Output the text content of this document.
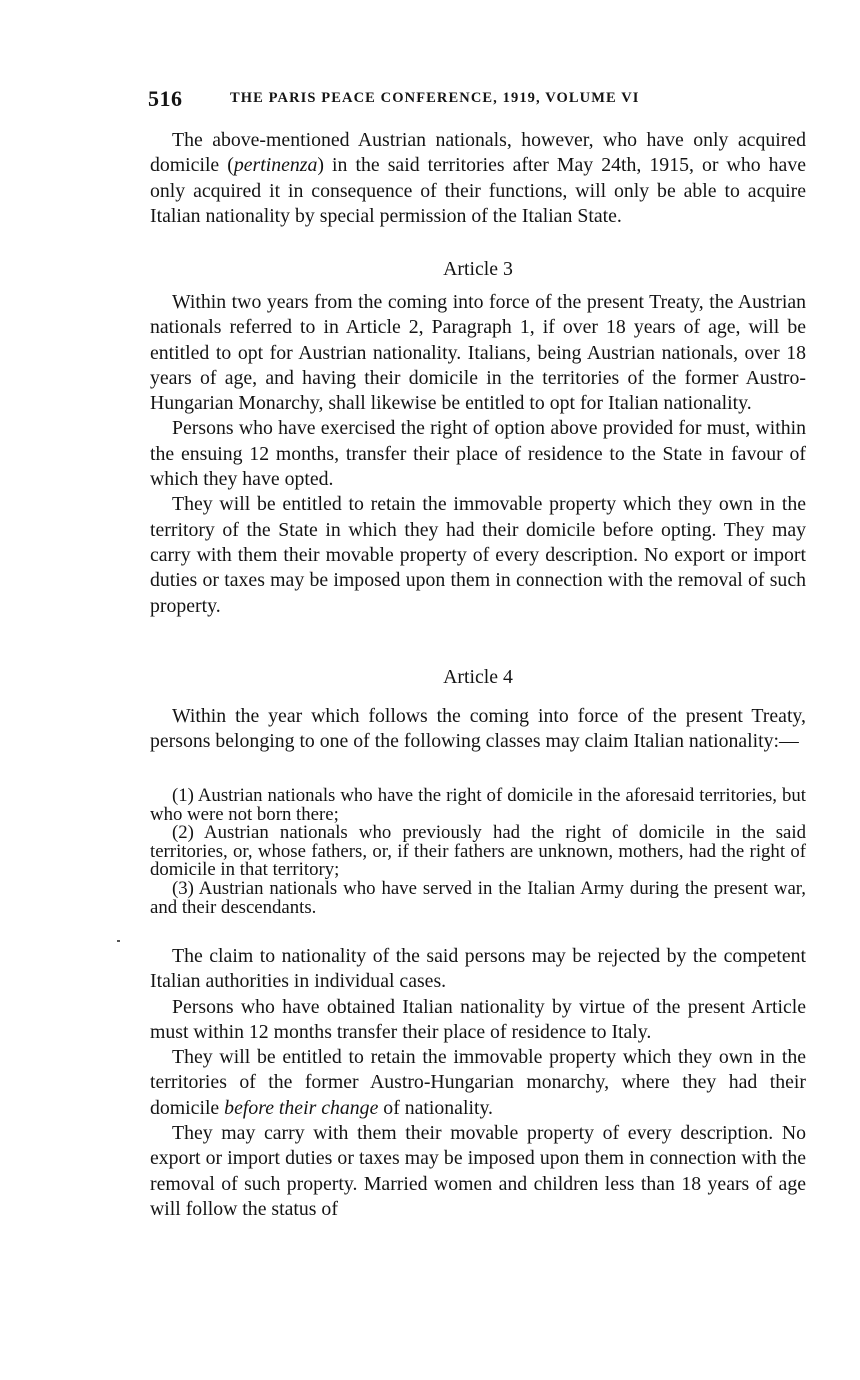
516	THE PARIS PEACE CONFERENCE, 1919, VOLUME VI

The above-mentioned Austrian nationals, however, who have only acquired domicile (pertinenza) in the said territories after May 24th, 1915, or who have only acquired it in consequence of their functions, will only be able to acquire Italian nationality by special permission of the Italian State.

Article 3

Within two years from the coming into force of the present Treaty, the Austrian nationals referred to in Article 2, Paragraph 1, if over 18 years of age, will be entitled to opt for Austrian nationality. Italians, being Austrian nationals, over 18 years of age, and having their domicile in the territories of the former Austro-Hungarian Monarchy, shall likewise be entitled to opt for Italian nationality.

Persons who have exercised the right of option above provided for must, within the ensuing 12 months, transfer their place of residence to the State in favour of which they have opted.

They will be entitled to retain the immovable property which they own in the territory of the State in which they had their domicile before opting. They may carry with them their movable property of every description. No export or import duties or taxes may be imposed upon them in connection with the removal of such property.

Article 4

Within the year which follows the coming into force of the present Treaty, persons belonging to one of the following classes may claim Italian nationality:—

(1) Austrian nationals who have the right of domicile in the aforesaid territories, but who were not born there;

(2) Austrian nationals who previously had the right of domicile in the said territories, or, whose fathers, or, if their fathers are unknown, mothers, had the right of domicile in that territory;

(3) Austrian nationals who have served in the Italian Army during the present war, and their descendants.

The claim to nationality of the said persons may be rejected by the competent Italian authorities in individual cases.

Persons who have obtained Italian nationality by virtue of the present Article must within 12 months transfer their place of residence to Italy.

They will be entitled to retain the immovable property which they own in the territories of the former Austro-Hungarian monarchy, where they had their domicile before their change of nationality.

They may carry with them their movable property of every description. No export or import duties or taxes may be imposed upon them in connection with the removal of such property. Married women and children less than 18 years of age will follow the status of
